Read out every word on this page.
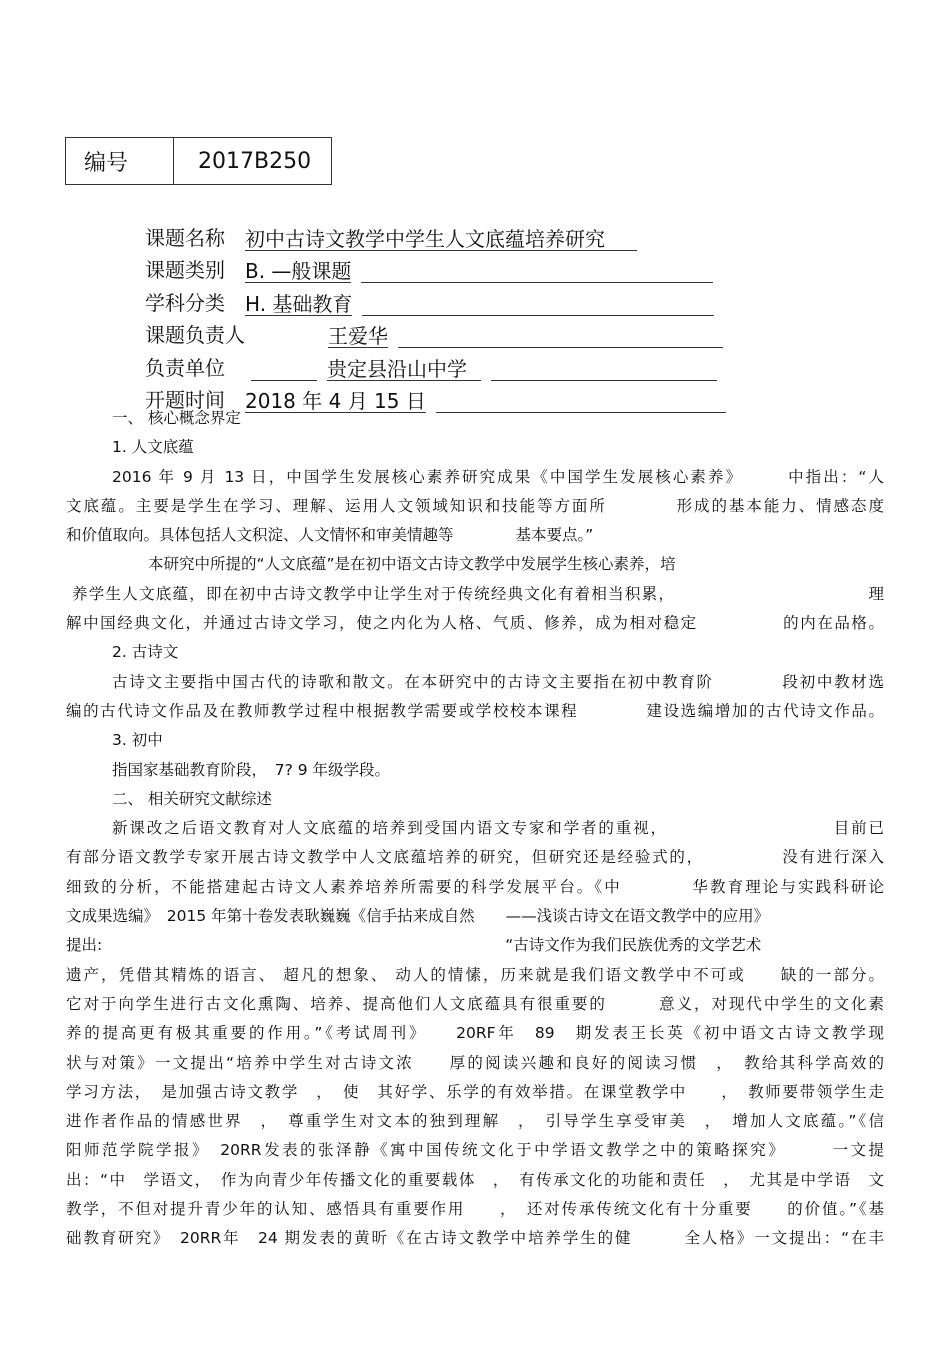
编号	2017B250
课题名称	初中古诗文教学中学生人文底蕴培养研究
课题类别	B. —般课题
学科分类	H. 基础教育
课题负责人	王爱华
负责单位	贵定县沿山中学
开题时间	2018 年 4 月 15 日

一、 核心概念界定

1. 人文底蕴

2016 年 9 月 13 日，中国学生发展核心素养研究成果《中国学生发展核心素养》　　　中指出：“人

文底蕴。主要是学生在学习、理解、运用人文领域知识和技能等方面所　　　　形成的基本能力、情感态度

和价值取向。具体包括人文积淀、人文情怀和审美情趣等　　　　基本要点。”

本研究中所提的“人文底蕴”是在初中语文古诗文教学中发展学生核心素养，培

养学生人文底蕴，即在初中古诗文教学中让学生对于传统经典文化有着相当积累，　　　　　　　　　　　　理

解中国经典文化，并通过古诗文学习，使之内化为人格、气质、修养，成为相对稳定　　　　　的内在品格。

2. 古诗文

古诗文主要指中国古代的诗歌和散文。在本研究中的古诗文主要指在初中教育阶　　　　段初中教材选

编的古代诗文作品及在教师教学过程中根据教学需要或学校校本课程　　　　建设选编增加的古代诗文作品。

3. 初中

指国家基础教育阶段，　7? 9 年级学段。

二、 相关研究文献综述

新课改之后语文教育对人文底蕴的培养到受国内语文专家和学者的重视，　　　　　　　　　　目前已

有部分语文教学专家开展古诗文教学中人文底蕴培养的研究，但研究还是经验式的，　　　　　没有进行深入

细致的分析，不能搭建起古诗文人素养培养所需要的科学发展平台。《中　　　　华教育理论与实践科研论

文成果选编》　2015 年第十卷发表耿巍巍《信手拈来成自然　　——浅谈古诗文在语文教学中的应用》

提出:　　　　　　　　　　　　　　　　　　　　　　　　　　“古诗文作为我们民族优秀的文学艺术

遗产，凭借其精炼的语言、 超凡的想象、 动人的情愫，历来就是我们语文教学中不可或　　缺的一部分。

它对于向学生进行古文化熏陶、培养、提高他们人文底蕴具有很重要的　　　意义，对现代中学生的文化素

养的提高更有极其重要的作用。”《考试周刊》　　20RF年　89　期发表王长英《初中语文古诗文教学现

状与对策》一文提出“培养中学生对古诗文浓　　厚的阅读兴趣和良好的阅读习惯　，　教给其科学高效的

学习方法，　是加强古诗文教学　，　使　其好学、乐学的有效举措。在课堂教学中　　，　教师要带领学生走

进作者作品的情感世界　，　尊重学生对文本的独到理解　，　引导学生享受审美　，　增加人文底蕴。”《信

阳师范学院学报》　20RR发表的张泽静《寓中国传统文化于中学语文教学之中的策略探究》　　　一文提

出：“中　学语文，　作为向青少年传播文化的重要载体　，　有传承文化的功能和责任　，　尤其是中学语　文

教学，不但对提升青少年的认知、感悟具有重要作用　　，　还对传承传统文化有十分重要　　的价值。”《基

础教育研究》　20RR年　24 期发表的黄昕《在古诗文教学中培养学生的健　　　全人格》一文提出：“在丰
